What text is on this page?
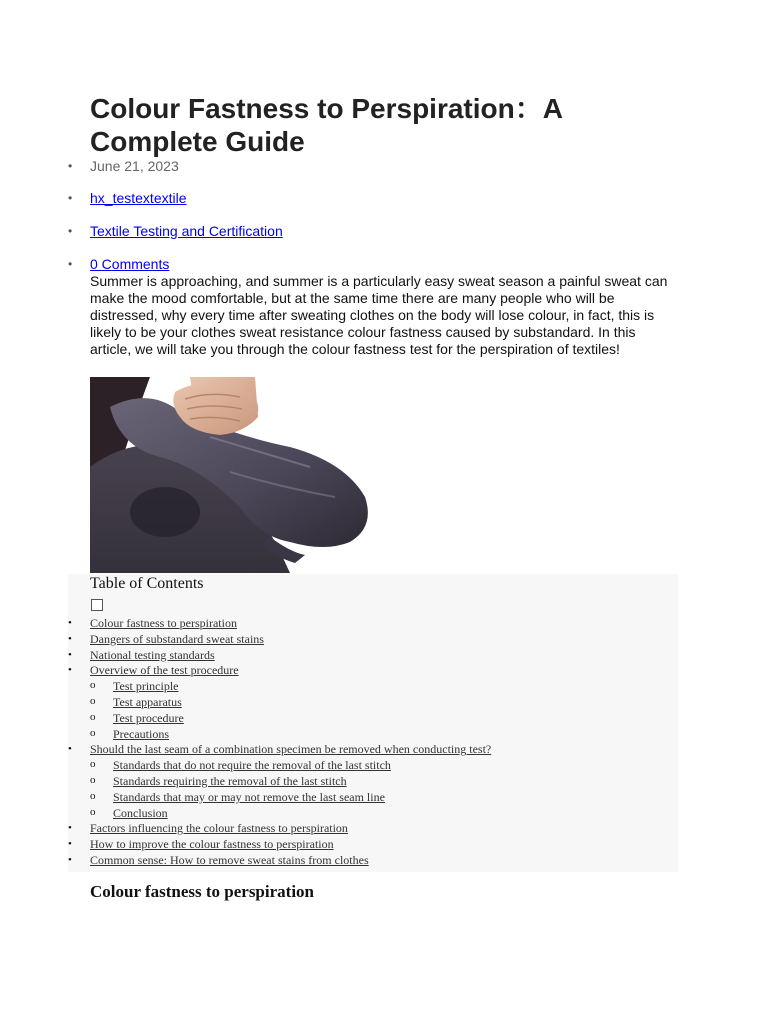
Colour Fastness to Perspiration：A Complete Guide
• June 21, 2023
• hx_testextextile
• Textile Testing and Certification
• 0 Comments

Summer is approaching, and summer is a particularly easy sweat season a painful sweat can make the mood comfortable, but at the same time there are many people who will be distressed, why every time after sweating clothes on the body will lose colour, in fact, this is likely to be your clothes sweat resistance colour fastness caused by substandard. In this article, we will take you through the colour fastness test for the perspiration of textiles!

Table of Contents
• Colour fastness to perspiration
• Dangers of substandard sweat stains
• National testing standards
• Overview of the test procedure
o Test principle
o Test apparatus
o Test procedure
o Precautions
• Should the last seam of a combination specimen be removed when conducting test?
o Standards that do not require the removal of the last stitch
o Standards requiring the removal of the last stitch
o Standards that may or may not remove the last seam line
o Conclusion
• Factors influencing the colour fastness to perspiration
• How to improve the colour fastness to perspiration
• Common sense: How to remove sweat stains from clothes
Colour fastness to perspiration
